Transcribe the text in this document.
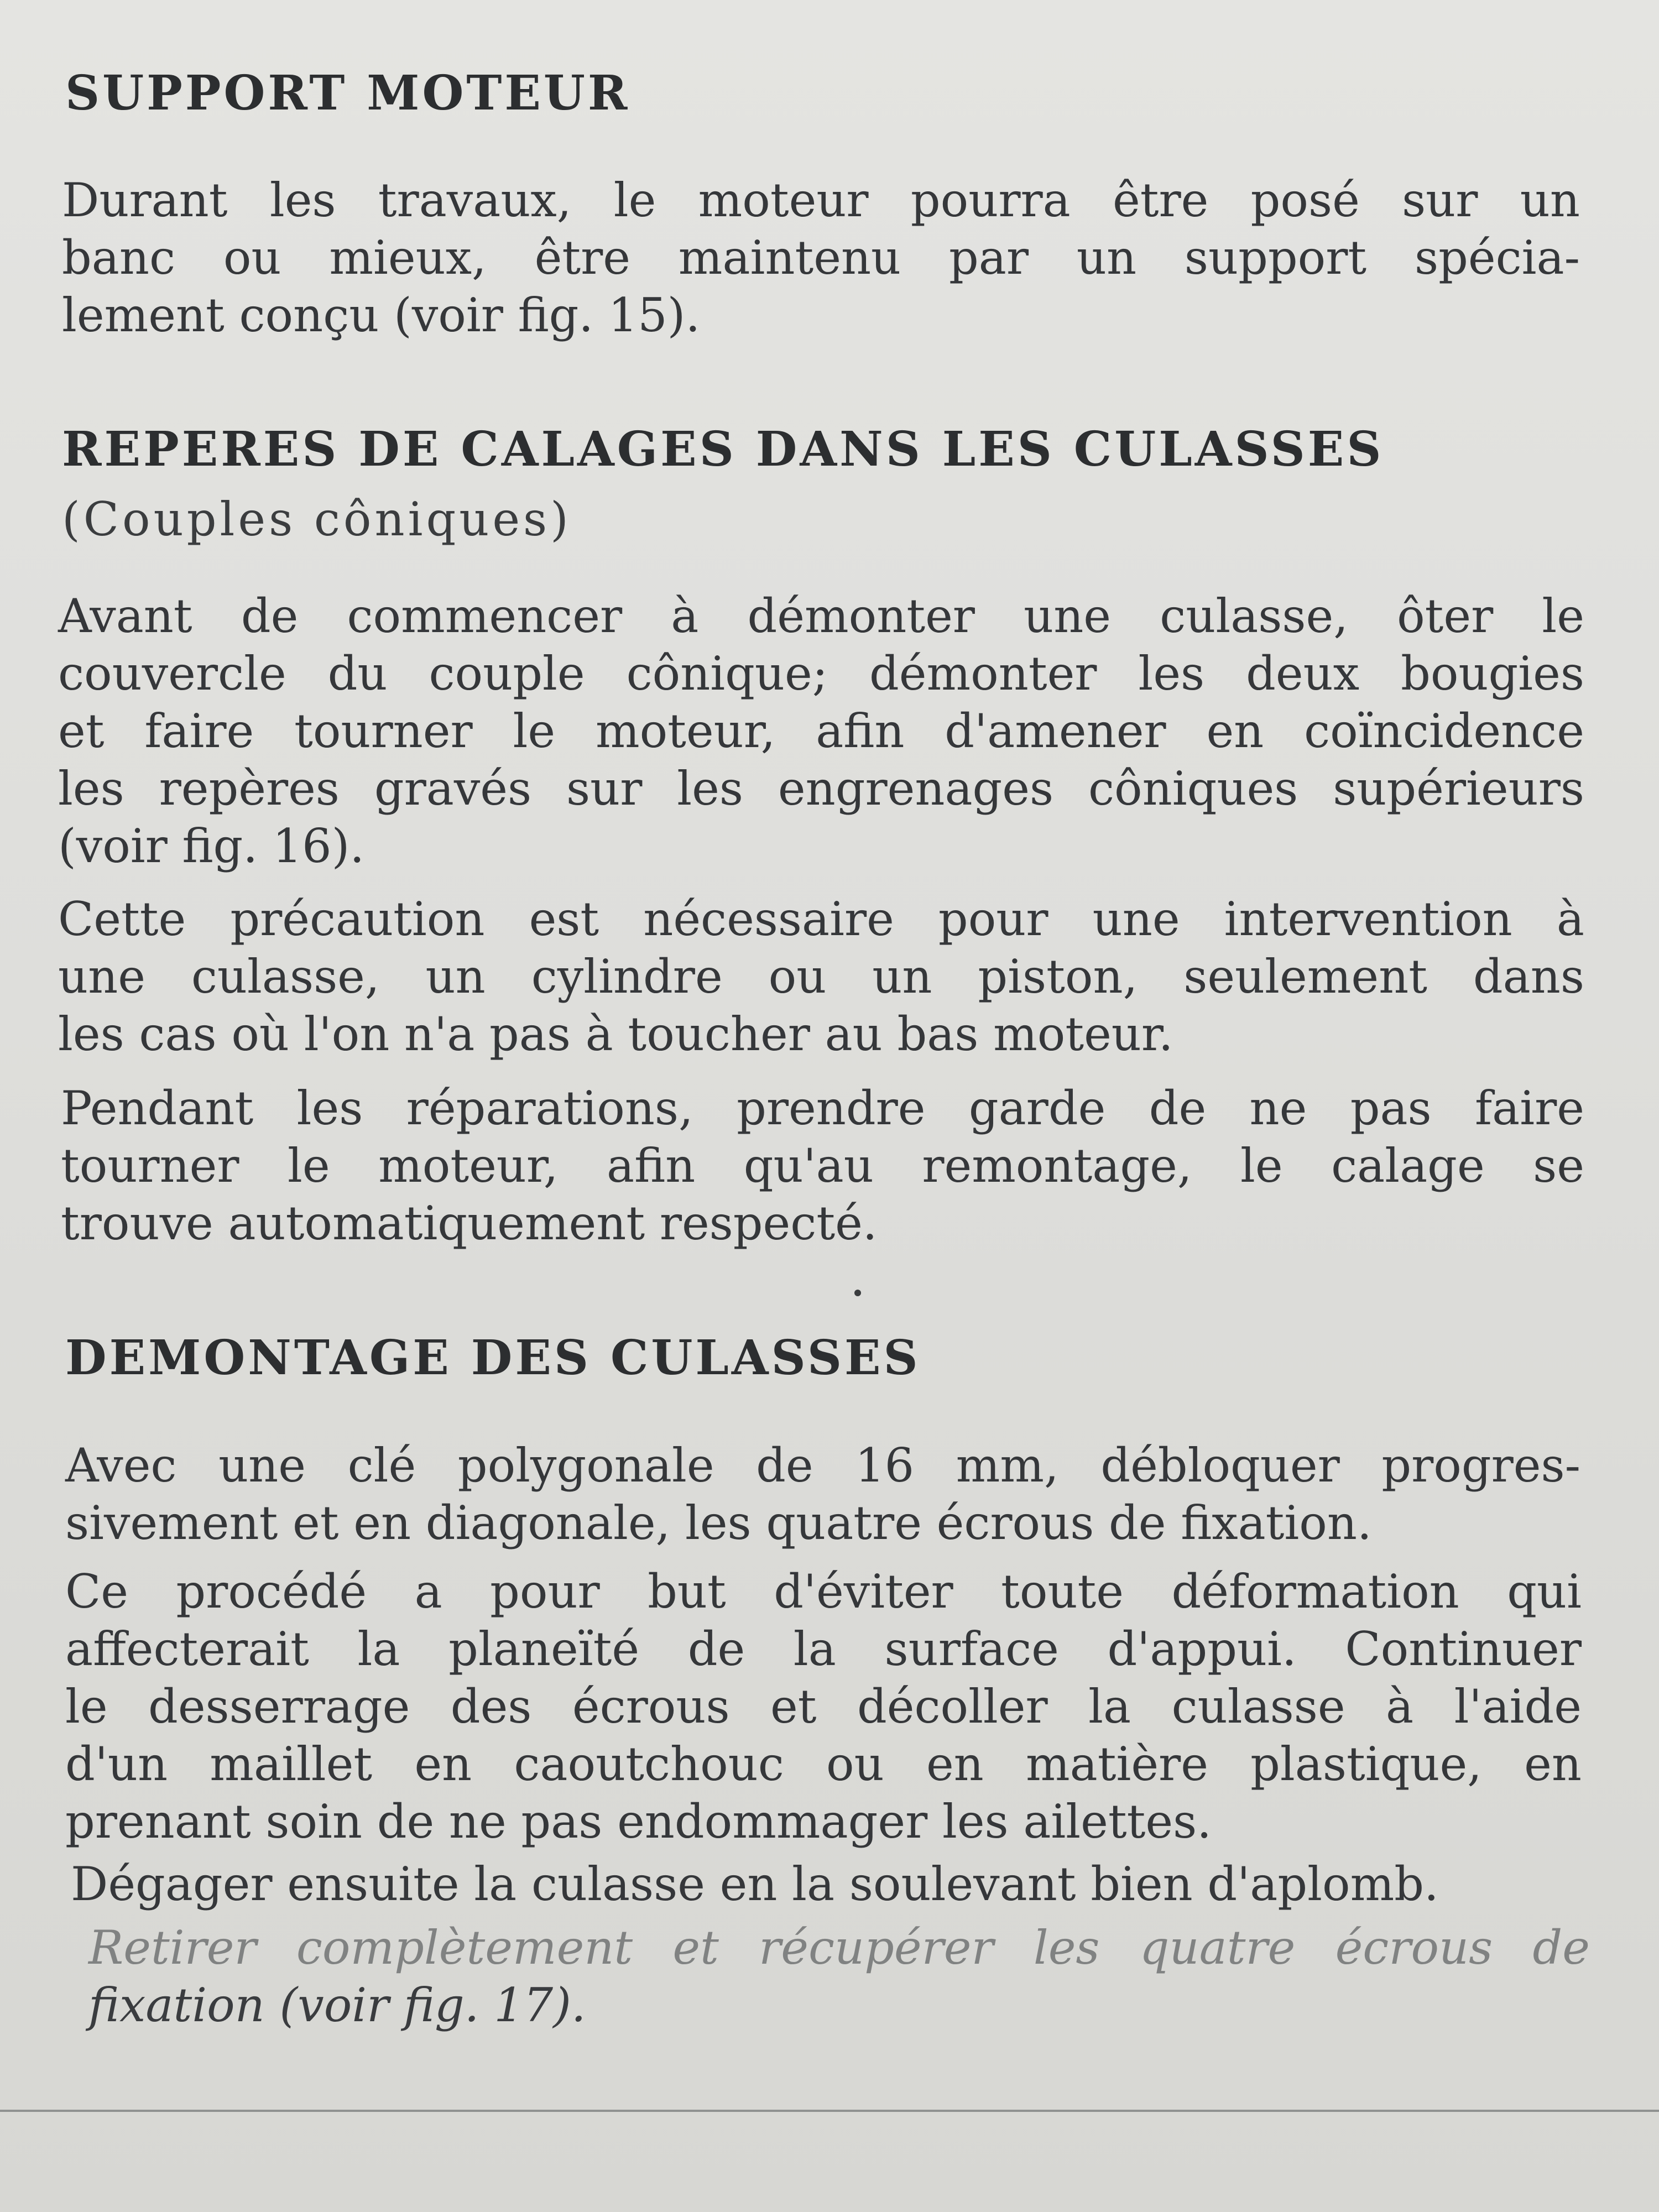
SUPPORT MOTEUR

Durant les travaux, le moteur pourra être posé sur un
banc ou mieux, être maintenu par un support spécia-
lement conçu (voir fig. 15).

REPERES DE CALAGES DANS LES CULASSES

(Couples côniques)

Avant de commencer à démonter une culasse, ôter le
couvercle du couple cônique; démonter les deux bougies
et faire tourner le moteur, afin d'amener en coïncidence
les repères gravés sur les engrenages côniques supérieurs
(voir fig. 16).

Cette précaution est nécessaire pour une intervention à
une culasse, un cylindre ou un piston, seulement dans
les cas où l'on n'a pas à toucher au bas moteur.

Pendant les réparations, prendre garde de ne pas faire
tourner le moteur, afin qu'au remontage, le calage se
trouve automatiquement respecté.

DEMONTAGE DES CULASSES

Avec une clé polygonale de 16 mm, débloquer progres-
sivement et en diagonale, les quatre écrous de fixation.

Ce procédé a pour but d'éviter toute déformation qui
affecterait la planeïté de la surface d'appui. Continuer
le desserrage des écrous et décoller la culasse à l'aide
d'un maillet en caoutchouc ou en matière plastique, en
prenant soin de ne pas endommager les ailettes.

Dégager ensuite la culasse en la soulevant bien d'aplomb.

Retirer complètement et récupérer les quatre écrous de
fixation (voir fig. 17).
